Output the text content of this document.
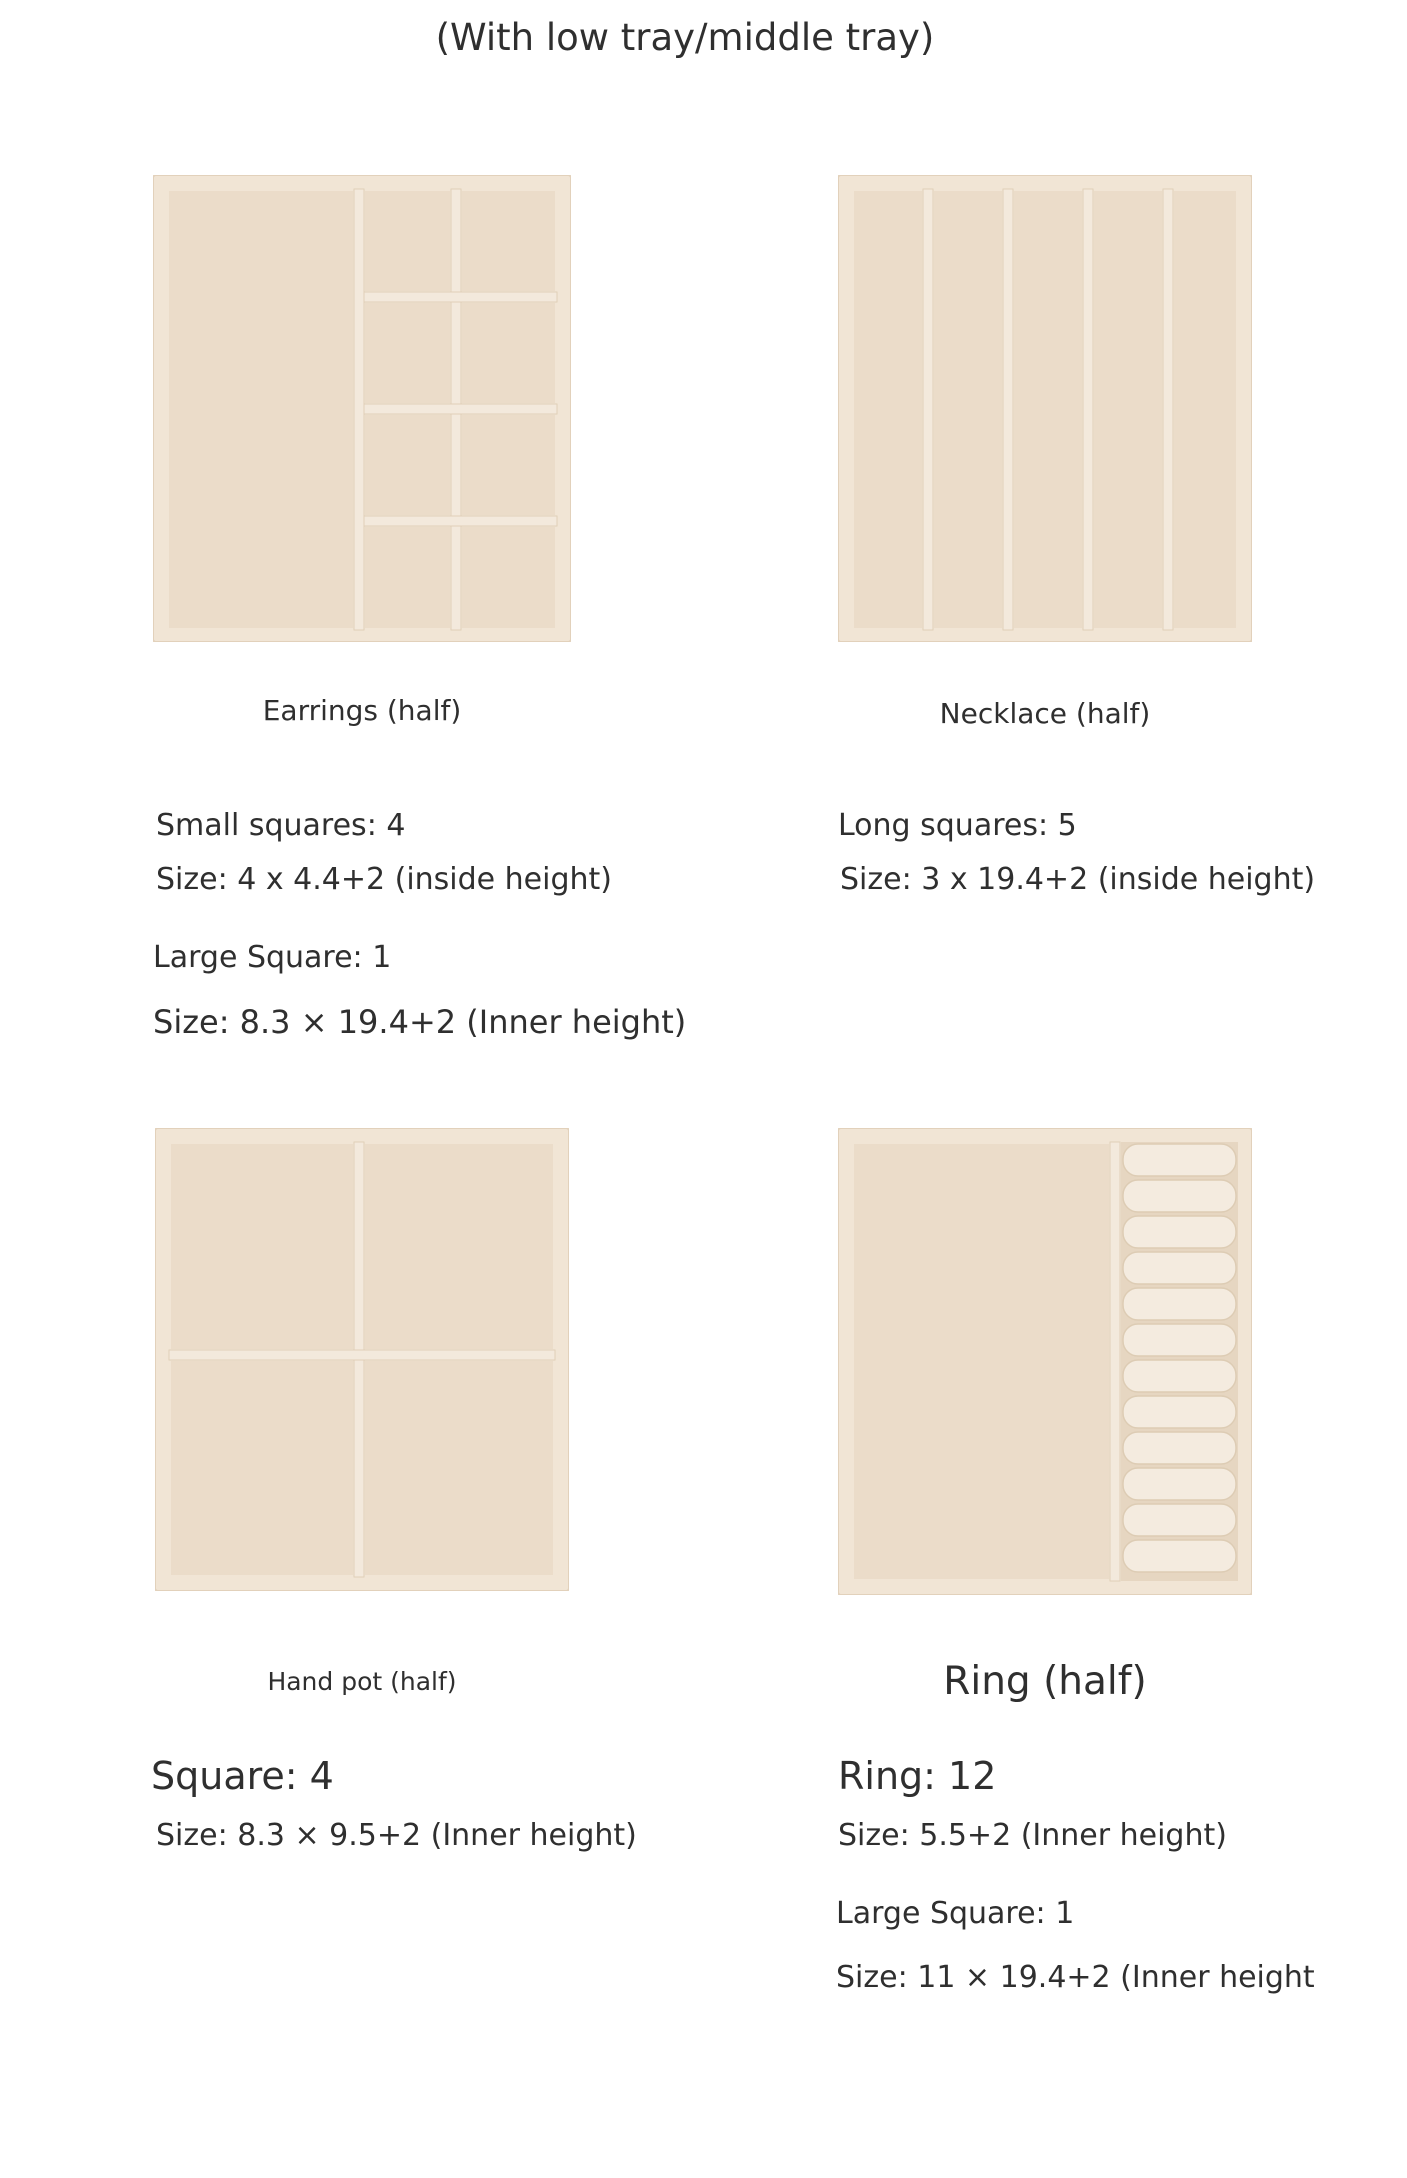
(With low tray/middle tray)
Earrings (half)
Small squares: 4
Size: 4 x 4.4+2 (inside height)
Large Square: 1
Size: 8.3 × 19.4+2 (Inner height)
Necklace (half)
Long squares: 5
Size: 3 x 19.4+2 (inside height)
Hand pot (half)
Square: 4
Size: 8.3 × 9.5+2 (Inner height)
Ring (half)
Ring: 12
Size: 5.5+2 (Inner height)
Large Square: 1
Size: 11 × 19.4+2 (Inner height
